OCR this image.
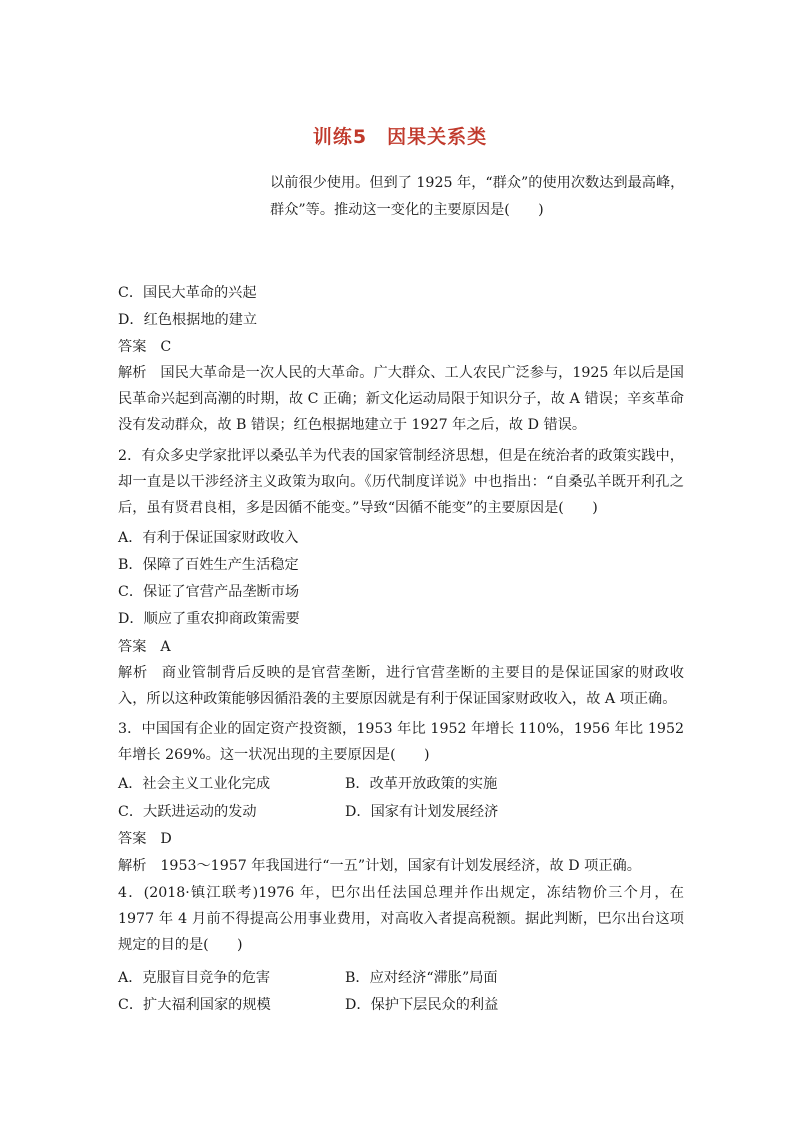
训练5　因果关系类
以前很少使用。但到了 1925 年，“群众”的使用次数达到最高峰，
群众”等。推动这一变化的主要原因是(　　)
C．国民大革命的兴起
D．红色根据地的建立
答案 C
解析 国民大革命是一次人民的大革命。广大群众、工人农民广泛参与，1925 年以后是国民革命兴起到高潮的时期，故 C 正确；新文化运动局限于知识分子，故 A 错误；辛亥革命没有发动群众，故 B 错误；红色根据地建立于 1927 年之后，故 D 错误。
2．有众多史学家批评以桑弘羊为代表的国家管制经济思想，但是在统治者的政策实践中，却一直是以干涉经济主义政策为取向。《历代制度详说》中也指出：“自桑弘羊既开利孔之后，虽有贤君良相，多是因循不能变。”导致“因循不能变”的主要原因是(　　)
A．有利于保证国家财政收入
B．保障了百姓生产生活稳定
C．保证了官营产品垄断市场
D．顺应了重农抑商政策需要
答案 A
解析 商业管制背后反映的是官营垄断，进行官营垄断的主要目的是保证国家的财政收入，所以这种政策能够因循沿袭的主要原因就是有利于保证国家财政收入，故 A 项正确。
3．中国国有企业的固定资产投资额，1953 年比 1952 年增长 110%，1956 年比 1952 年增长 269%。这一状况出现的主要原因是(　　)
A．社会主义工业化完成	B．改革开放政策的实施
C．大跃进运动的发动	D．国家有计划发展经济
答案 D
解析 1953～1957 年我国进行“一五”计划，国家有计划发展经济，故 D 项正确。
4．(2018·镇江联考)1976 年，巴尔出任法国总理并作出规定，冻结物价三个月，在 1977 年 4 月前不得提高公用事业费用，对高收入者提高税额。据此判断，巴尔出台这项规定的目的是(　　)
A．克服盲目竞争的危害	B．应对经济“滞胀”局面
C．扩大福利国家的规模	D．保护下层民众的利益
